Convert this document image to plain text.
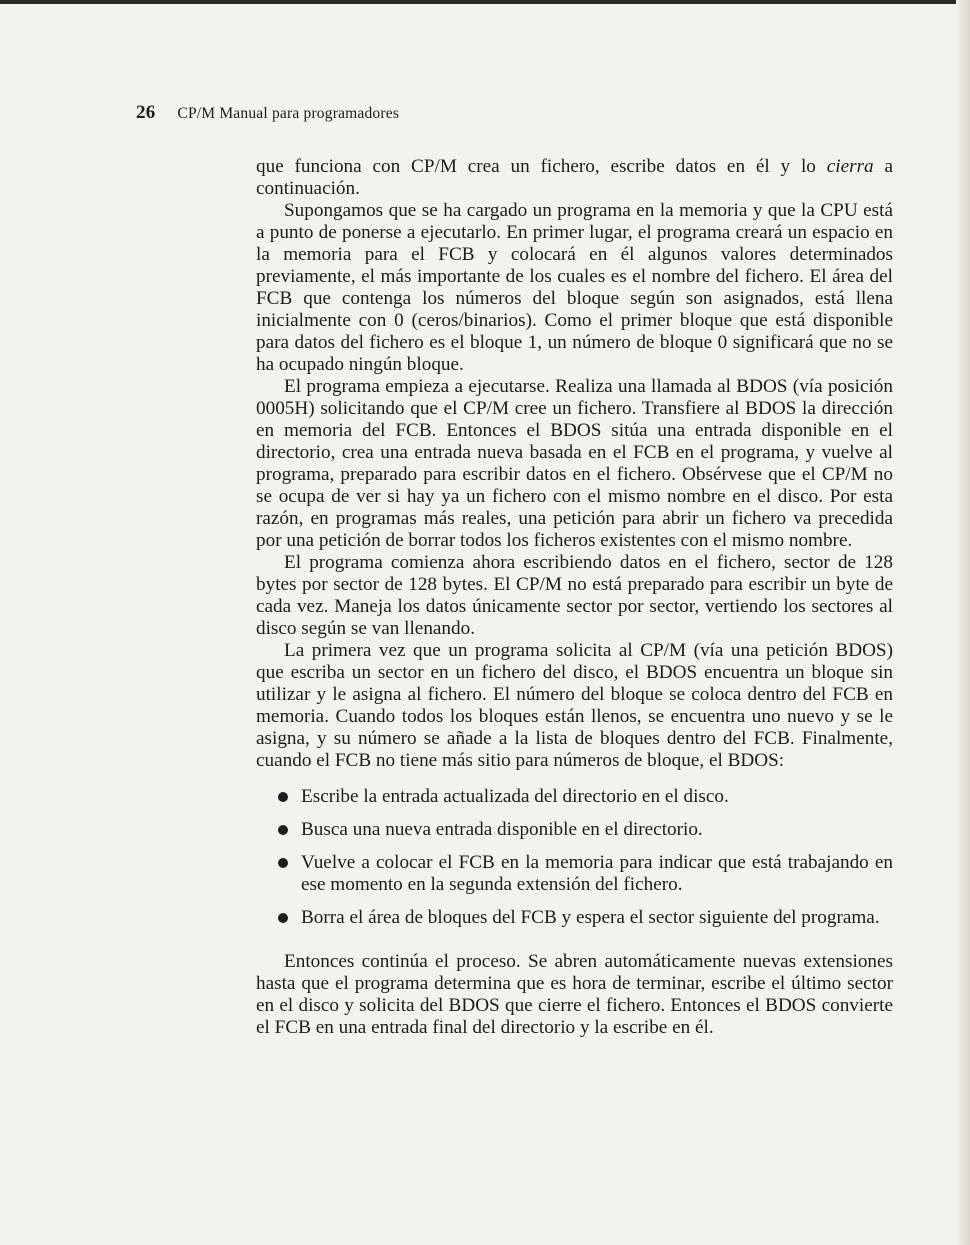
26 CP/M Manual para programadores

que funciona con CP/M crea un fichero, escribe datos en él y lo cierra a continuación.

Supongamos que se ha cargado un programa en la memoria y que la CPU está a punto de ponerse a ejecutarlo. En primer lugar, el programa creará un espacio en la memoria para el FCB y colocará en él algunos valores determinados previamente, el más importante de los cuales es el nombre del fichero. El área del FCB que contenga los números del bloque según son asignados, está llena inicialmente con 0 (ceros/binarios). Como el primer bloque que está disponible para datos del fichero es el bloque 1, un número de bloque 0 significará que no se ha ocupado ningún bloque.

El programa empieza a ejecutarse. Realiza una llamada al BDOS (vía posición 0005H) solicitando que el CP/M cree un fichero. Transfiere al BDOS la dirección en memoria del FCB. Entonces el BDOS sitúa una entrada disponible en el directorio, crea una entrada nueva basada en el FCB en el programa, y vuelve al programa, preparado para escribir datos en el fichero. Obsérvese que el CP/M no se ocupa de ver si hay ya un fichero con el mismo nombre en el disco. Por esta razón, en programas más reales, una petición para abrir un fichero va precedida por una petición de borrar todos los ficheros existentes con el mismo nombre.

El programa comienza ahora escribiendo datos en el fichero, sector de 128 bytes por sector de 128 bytes. El CP/M no está preparado para escribir un byte de cada vez. Maneja los datos únicamente sector por sector, vertiendo los sectores al disco según se van llenando.

La primera vez que un programa solicita al CP/M (vía una petición BDOS) que escriba un sector en un fichero del disco, el BDOS encuentra un bloque sin utilizar y le asigna al fichero. El número del bloque se coloca dentro del FCB en memoria. Cuando todos los bloques están llenos, se encuentra uno nuevo y se le asigna, y su número se añade a la lista de bloques dentro del FCB. Finalmente, cuando el FCB no tiene más sitio para números de bloque, el BDOS:

Escribe la entrada actualizada del directorio en el disco.
Busca una nueva entrada disponible en el directorio.
Vuelve a colocar el FCB en la memoria para indicar que está trabajando en ese momento en la segunda extensión del fichero.
Borra el área de bloques del FCB y espera el sector siguiente del programa.

Entonces continúa el proceso. Se abren automáticamente nuevas extensiones hasta que el programa determina que es hora de terminar, escribe el último sector en el disco y solicita del BDOS que cierre el fichero. Entonces el BDOS convierte el FCB en una entrada final del directorio y la escribe en él.
